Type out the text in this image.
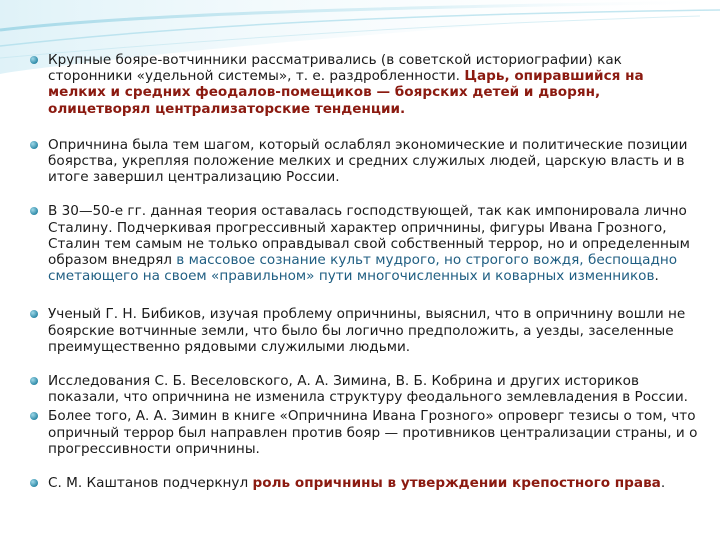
Крупные бояре-вотчинники рассматривались (в советской историографии) как сторонники «удельной системы», т. е. раздробленности. Царь, опиравшийся на мелких и средних феодалов-помещиков — боярских детей и дворян, олицетворял централизаторские тенденции.
Опричнина была тем шагом, который ослаблял экономические и политические позиции боярства, укрепляя положение мелких и средних служилых людей, царскую власть и в итоге завершил централизацию России.
В 30—50-е гг. данная теория оставалась господствующей, так как импонировала лично Сталину. Подчеркивая прогрессивный характер опричнины, фигуры Ивана Грозного, Сталин тем самым не только оправдывал свой собственный террор, но и определенным образом внедрял в массовое сознание культ мудрого, но строгого вождя, беспощадно сметающего на своем «правильном» пути многочисленных и коварных изменников.
Ученый Г. Н. Бибиков, изучая проблему опричнины, выяснил, что в опричнину вошли не боярские вотчинные земли, что было бы логично предположить, а уезды, заселенные преимущественно рядовыми служилыми людьми.
Исследования С. Б. Веселовского, А. А. Зимина, В. Б. Кобрина и других историков показали, что опричнина не изменила структуру феодального землевладения в России.
Более того, А. А. Зимин в книге «Опричнина Ивана Грозного» опроверг тезисы о том, что опричный террор был направлен против бояр — противников централизации страны, и о прогрессивности опричнины.
С. М. Каштанов подчеркнул роль опричнины в утверждении крепостного права.
